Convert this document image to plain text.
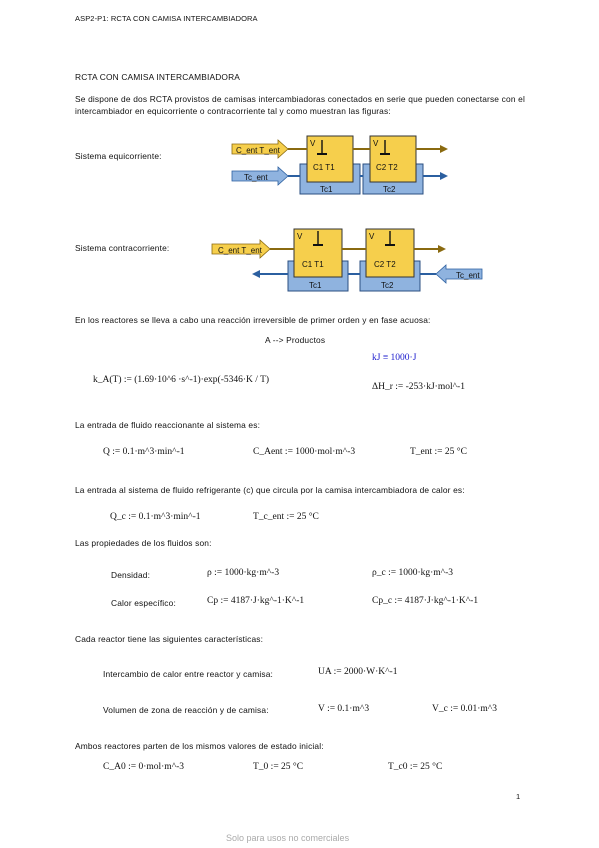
ASP2-P1: RCTA CON CAMISA INTERCAMBIADORA
RCTA CON CAMISA INTERCAMBIADORA
Se dispone de dos RCTA provistos de camisas intercambiadoras conectados en serie que pueden conectarse con el intercambiador en equicorriente o contracorriente tal y como muestran las figuras:
Sistema equicorriente:
C_ent T_ent
Tc_ent
V
C1 T1
Tc1
V
C2 T2
Tc2
Sistema contracorriente:	C_ent T_ent
Tc_ent
V
C1 T1
Tc1
V
C2 T2
Tc2
En los reactores se lleva a cabo una reacción irreversible de primer orden y en fase acuosa:
A --> Productos
k_A(T) := (1.69·10^6 ·s^-1)·exp(-5346·K / T)
kJ ≡ 1000·J
ΔH_r := -253·kJ·mol^-1
La entrada de fluido reaccionante al sistema es:
Q := 0.1·m^3·min^-1	C_Aent := 1000·mol·m^-3	T_ent := 25 °C
La entrada al sistema de fluido refrigerante (c) que circula por la camisa intercambiadora de calor es:
Q_c := 0.1·m^3·min^-1	T_c_ent := 25 °C
Las propiedades de los fluidos son:
Densidad:	ρ := 1000·kg·m^-3	ρ_c := 1000·kg·m^-3
Calor específico:	Cp := 4187·J·kg^-1·K^-1	Cp_c := 4187·J·kg^-1·K^-1
Cada reactor tiene las siguientes características:
Intercambio de calor entre reactor y camisa:	UA := 2000·W·K^-1
Volumen de zona de reacción y de camisa:	V := 0.1·m^3	V_c := 0.01·m^3
Ambos reactores parten de los mismos valores de estado inicial:
C_A0 := 0·mol·m^-3	T_0 := 25 °C	T_c0 := 25 °C
1
Solo para usos no comerciales
